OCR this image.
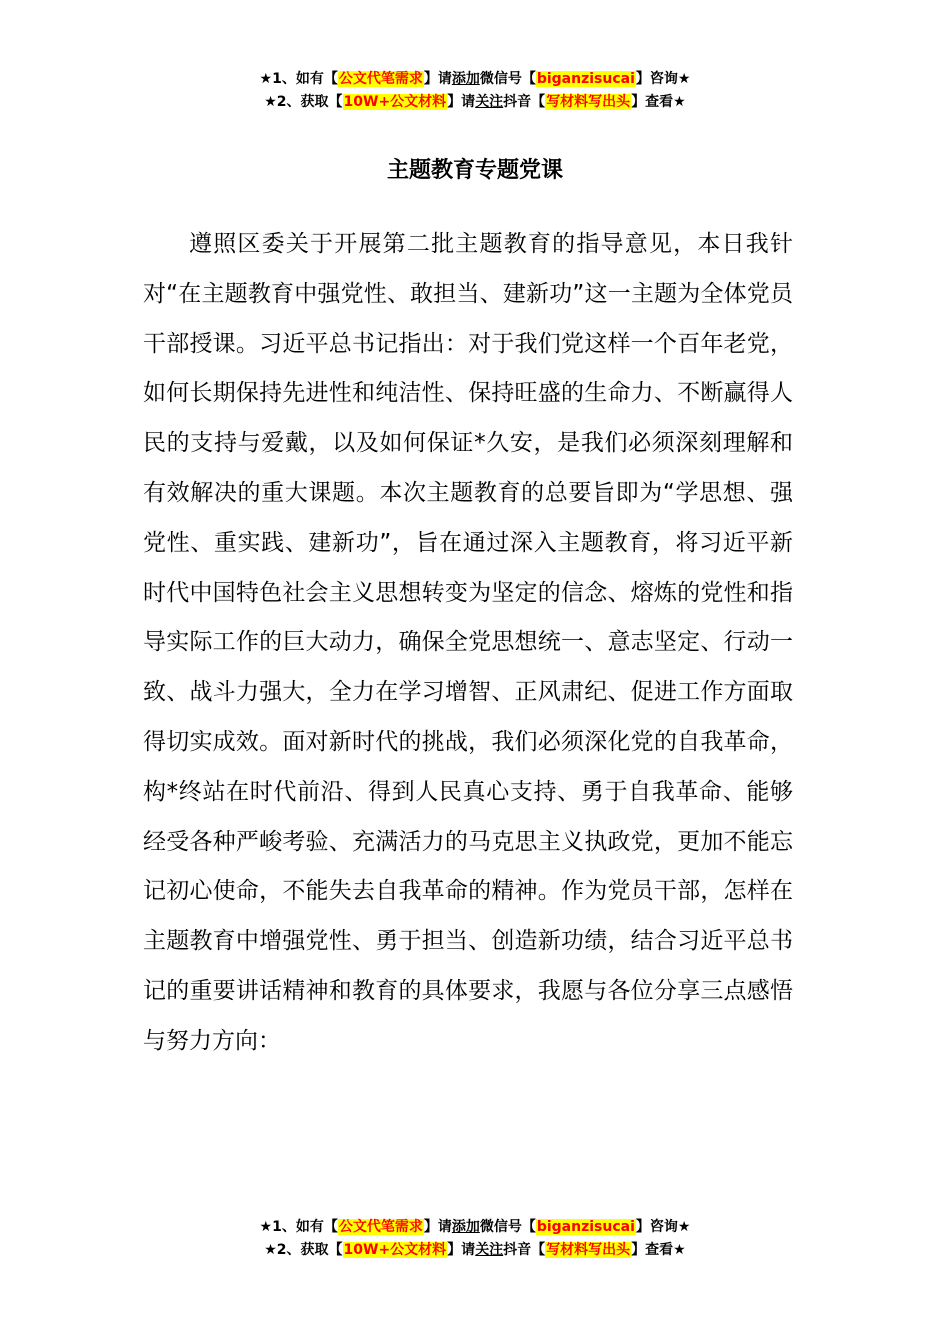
★1、如有【公文代笔需求】请添加微信号【biganzisucai】咨询★
★2、获取【10W+公文材料】请关注抖音【写材料写出头】查看★
主题教育专题党课

遵照区委关于开展第二批主题教育的指导意见，本日我针对“在主题教育中强党性、敢担当、建新功”这一主题为全体党员干部授课。习近平总书记指出：对于我们党这样一个百年老党，如何长期保持先进性和纯洁性、保持旺盛的生命力、不断赢得人民的支持与爱戴，以及如何保证*久安，是我们必须深刻理解和有效解决的重大课题。本次主题教育的总要旨即为“学思想、强党性、重实践、建新功”，旨在通过深入主题教育，将习近平新时代中国特色社会主义思想转变为坚定的信念、熔炼的党性和指导实际工作的巨大动力，确保全党思想统一、意志坚定、行动一致、战斗力强大，全力在学习增智、正风肃纪、促进工作方面取得切实成效。面对新时代的挑战，我们必须深化党的自我革命，构*终站在时代前沿、得到人民真心支持、勇于自我革命、能够经受各种严峻考验、充满活力的马克思主义执政党，更加不能忘记初心使命，不能失去自我革命的精神。作为党员干部，怎样在主题教育中增强党性、勇于担当、创造新功绩，结合习近平总书记的重要讲话精神和教育的具体要求，我愿与各位分享三点感悟与努力方向：

★1、如有【公文代笔需求】请添加微信号【biganzisucai】咨询★
★2、获取【10W+公文材料】请关注抖音【写材料写出头】查看★
